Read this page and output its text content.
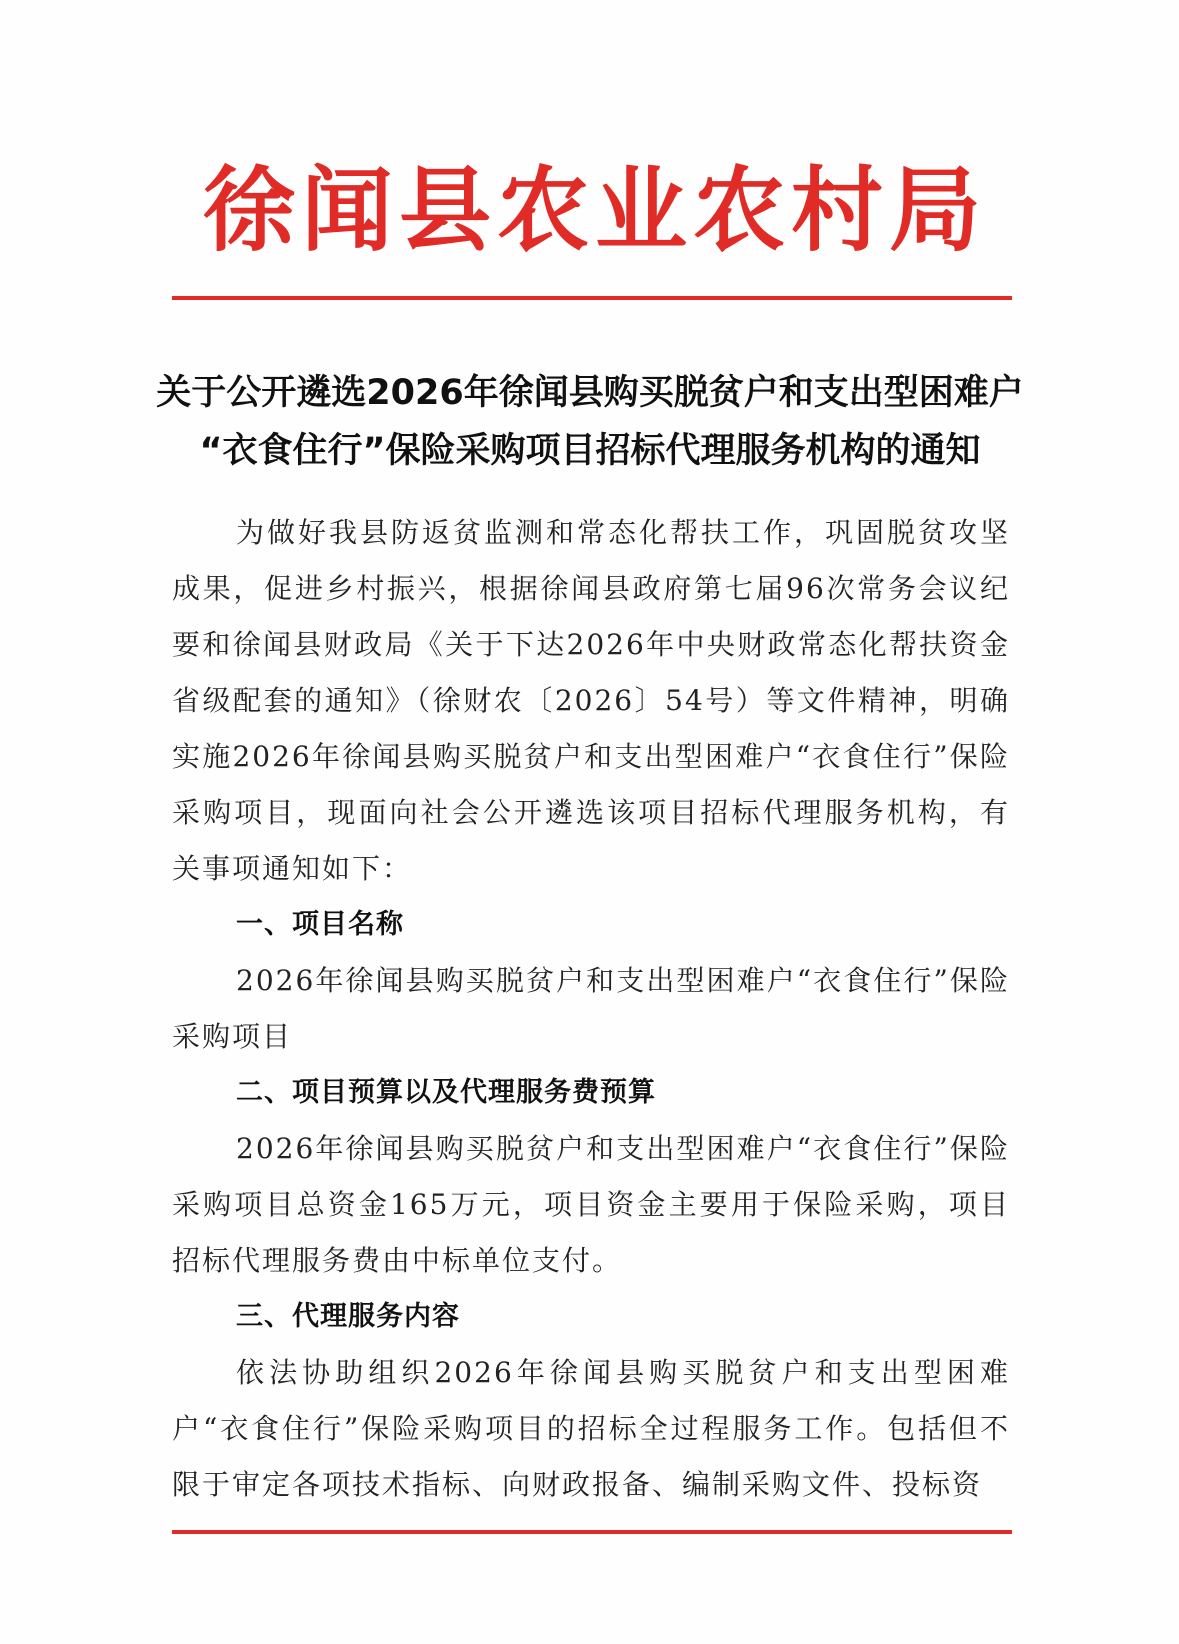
徐闻县农业农村局
关于公开遴选2026年徐闻县购买脱贫户和支出型困难户
“衣食住行”保险采购项目招标代理服务机构的通知

为做好我县防返贫监测和常态化帮扶工作，巩固脱贫攻坚成果，促进乡村振兴，根据徐闻县政府第七届96次常务会议纪要和徐闻县财政局《关于下达2026年中央财政常态化帮扶资金省级配套的通知》（徐财农〔2026〕54号）等文件精神，明确实施2026年徐闻县购买脱贫户和支出型困难户“衣食住行”保险采购项目，现面向社会公开遴选该项目招标代理服务机构，有关事项通知如下：

一、项目名称

2026年徐闻县购买脱贫户和支出型困难户“衣食住行”保险采购项目

二、项目预算以及代理服务费预算

2026年徐闻县购买脱贫户和支出型困难户“衣食住行”保险采购项目总资金165万元，项目资金主要用于保险采购，项目招标代理服务费由中标单位支付。

三、代理服务内容

依法协助组织2026年徐闻县购买脱贫户和支出型困难户“衣食住行”保险采购项目的招标全过程服务工作。包括但不限于审定各项技术指标、向财政报备、编制采购文件、投标资
